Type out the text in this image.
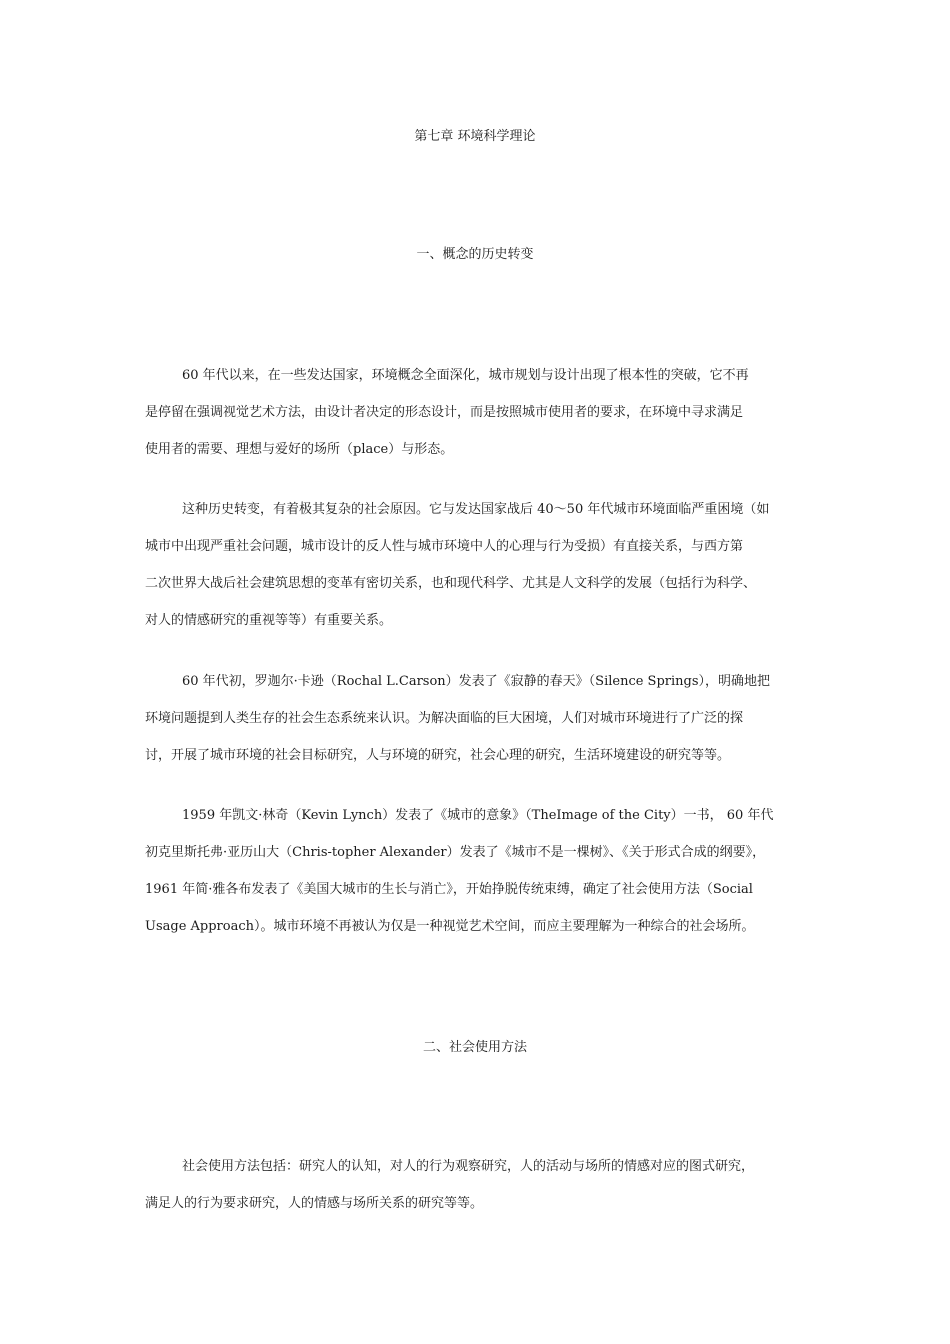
第七章 环境科学理论
一、概念的历史转变
60 年代以来，在一些发达国家，环境概念全面深化，城市规划与设计出现了根本性的突破，它不再
是停留在强调视觉艺术方法，由设计者决定的形态设计，而是按照城市使用者的要求，在环境中寻求满足
使用者的需要、理想与爱好的场所（place）与形态。
这种历史转变，有着极其复杂的社会原因。它与发达国家战后 40～50 年代城市环境面临严重困境（如
城市中出现严重社会问题，城市设计的反人性与城市环境中人的心理与行为受损）有直接关系，与西方第
二次世界大战后社会建筑思想的变革有密切关系，也和现代科学、尤其是人文科学的发展（包括行为科学、
对人的情感研究的重视等等）有重要关系。
60 年代初，罗迦尔·卡逊（Rochal L.Carson）发表了《寂静的春天》（Silence Springs），明确地把
环境问题提到人类生存的社会生态系统来认识。为解决面临的巨大困境，人们对城市环境进行了广泛的探
讨，开展了城市环境的社会目标研究，人与环境的研究，社会心理的研究，生活环境建设的研究等等。
1959 年凯文·林奇（Kevin Lynch）发表了《城市的意象》（TheImage of the City）一书， 60 年代
初克里斯托弗·亚历山大（Chris-topher Alexander）发表了《城市不是一棵树》、《关于形式合成的纲要》，
1961 年简·雅各布发表了《美国大城市的生长与消亡》，开始挣脱传统束缚，确定了社会使用方法（Social
Usage Approach）。城市环境不再被认为仅是一种视觉艺术空间，而应主要理解为一种综合的社会场所。
二、社会使用方法
社会使用方法包括：研究人的认知，对人的行为观察研究，人的活动与场所的情感对应的图式研究，
满足人的行为要求研究，人的情感与场所关系的研究等等。
